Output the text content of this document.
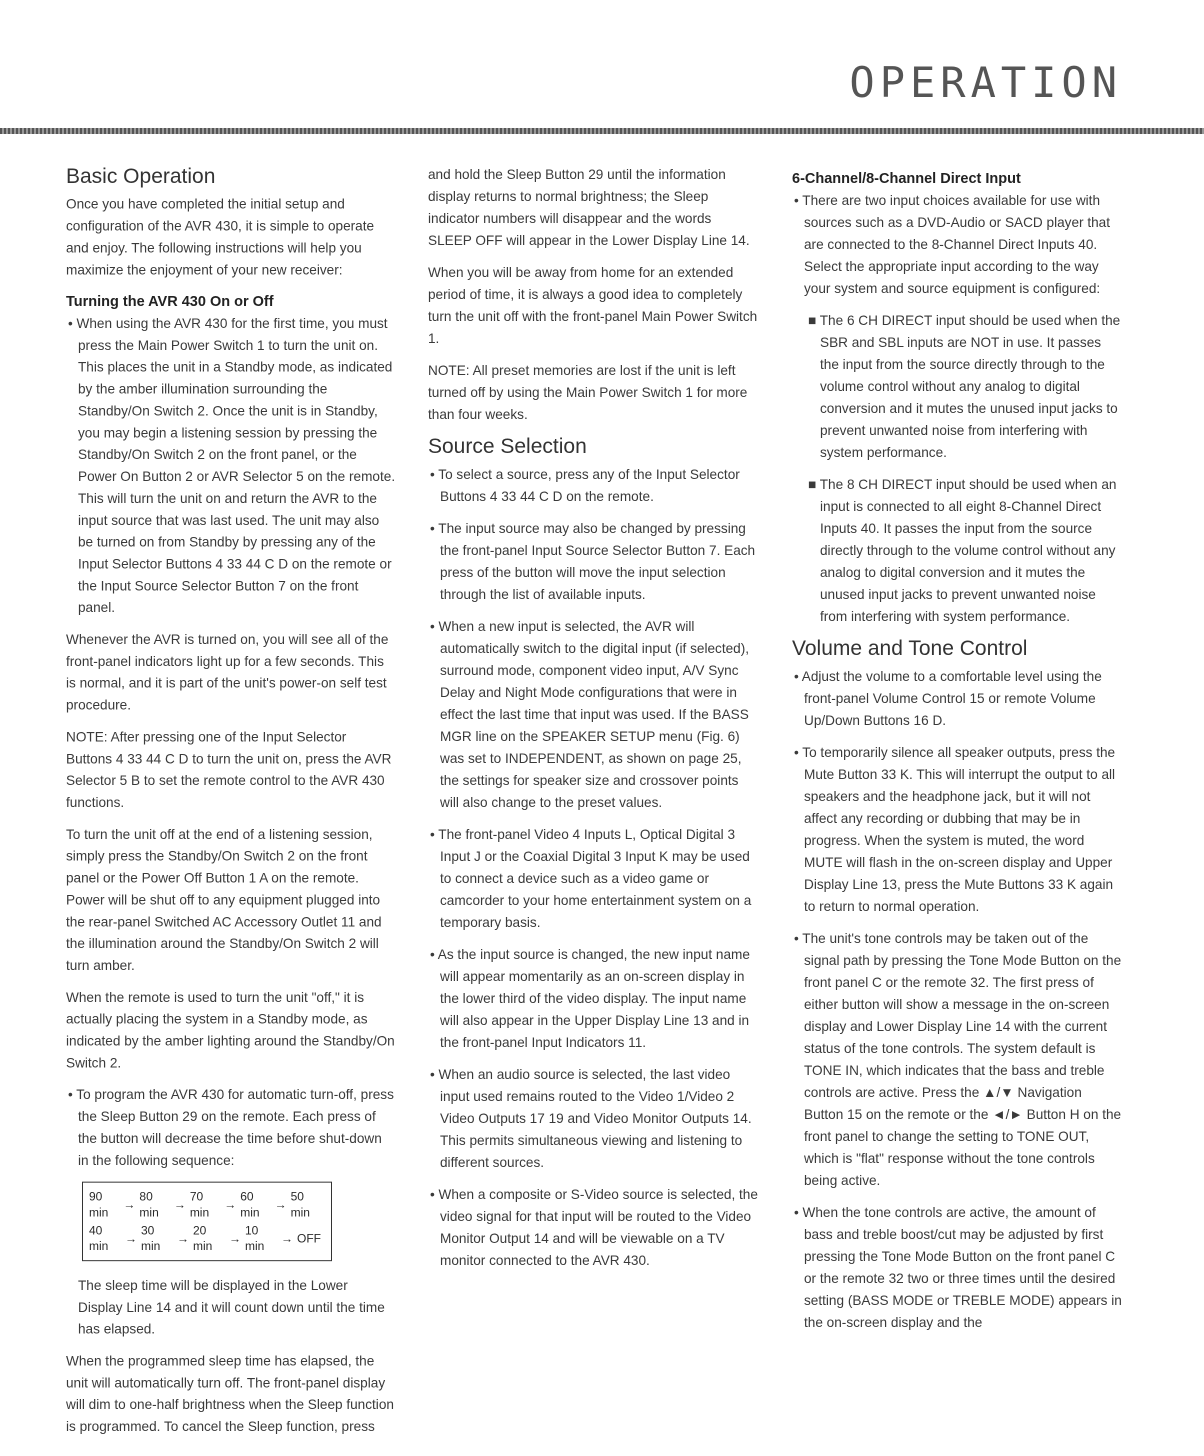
OPERATION
Basic Operation

Once you have completed the initial setup and configuration of the AVR 430, it is simple to operate and enjoy. The following instructions will help you maximize the enjoyment of your new receiver:

Turning the AVR 430 On or Off

• When using the AVR 430 for the first time, you must press the Main Power Switch 1 to turn the unit on. This places the unit in a Standby mode, as indicated by the amber illumination surrounding the Standby/On Switch 2. Once the unit is in Standby, you may begin a listening session by pressing the Standby/On Switch 2 on the front panel, or the Power On Button 2 or AVR Selector 5 on the remote. This will turn the unit on and return the AVR to the input source that was last used. The unit may also be turned on from Standby by pressing any of the Input Selector Buttons 4 33 44 C D on the remote or the Input Source Selector Button 7 on the front panel.

Whenever the AVR is turned on, you will see all of the front-panel indicators light up for a few seconds. This is normal, and it is part of the unit's power-on self test procedure.

NOTE: After pressing one of the Input Selector Buttons 4 33 44 C D to turn the unit on, press the AVR Selector 5 B to set the remote control to the AVR 430 functions.

To turn the unit off at the end of a listening session, simply press the Standby/On Switch 2 on the front panel or the Power Off Button 1 A on the remote. Power will be shut off to any equipment plugged into the rear-panel Switched AC Accessory Outlet 11 and the illumination around the Standby/On Switch 2 will turn amber.

When the remote is used to turn the unit "off," it is actually placing the system in a Standby mode, as indicated by the amber lighting around the Standby/On Switch 2.

• To program the AVR 430 for automatic turn-off, press the Sleep Button 29 on the remote. Each press of the button will decrease the time before shut-down in the following sequence:

90 min
→
80 min
→
70 min
→
60 min
→
50 min
40 min
→
30 min
→
20 min
→
10 min
→ OFF

The sleep time will be displayed in the Lower Display Line 14 and it will count down until the time has elapsed.

When the programmed sleep time has elapsed, the unit will automatically turn off. The front-panel display will dim to one-half brightness when the Sleep function is programmed. To cancel the Sleep function, press

and hold the Sleep Button 29 until the information display returns to normal brightness; the Sleep indicator numbers will disappear and the words SLEEP OFF will appear in the Lower Display Line 14.

When you will be away from home for an extended period of time, it is always a good idea to completely turn the unit off with the front-panel Main Power Switch 1.

NOTE: All preset memories are lost if the unit is left turned off by using the Main Power Switch 1 for more than four weeks.

Source Selection

• To select a source, press any of the Input Selector Buttons 4 33 44 C D on the remote.

• The input source may also be changed by pressing the front-panel Input Source Selector Button 7. Each press of the button will move the input selection through the list of available inputs.

• When a new input is selected, the AVR will automatically switch to the digital input (if selected), surround mode, component video input, A/V Sync Delay and Night Mode configurations that were in effect the last time that input was used. If the BASS MGR line on the SPEAKER SETUP menu (Fig. 6) was set to INDEPENDENT, as shown on page 25, the settings for speaker size and crossover points will also change to the preset values.

• The front-panel Video 4 Inputs L, Optical Digital 3 Input J or the Coaxial Digital 3 Input K may be used to connect a device such as a video game or camcorder to your home entertainment system on a temporary basis.

• As the input source is changed, the new input name will appear momentarily as an on-screen display in the lower third of the video display. The input name will also appear in the Upper Display Line 13 and in the front-panel Input Indicators 11.

• When an audio source is selected, the last video input used remains routed to the Video 1/Video 2 Video Outputs 17 19 and Video Monitor Outputs 14. This permits simultaneous viewing and listening to different sources.

• When a composite or S-Video source is selected, the video signal for that input will be routed to the Video Monitor Output 14 and will be viewable on a TV monitor connected to the AVR 430.

6-Channel/8-Channel Direct Input

• There are two input choices available for use with sources such as a DVD-Audio or SACD player that are connected to the 8-Channel Direct Inputs 40. Select the appropriate input according to the way your system and source equipment is configured:

■ The 6 CH DIRECT input should be used when the SBR and SBL inputs are NOT in use. It passes the input from the source directly through to the volume control without any analog to digital conversion and it mutes the unused input jacks to prevent unwanted noise from interfering with system performance.

■ The 8 CH DIRECT input should be used when an input is connected to all eight 8-Channel Direct Inputs 40. It passes the input from the source directly through to the volume control without any analog to digital conversion and it mutes the unused input jacks to prevent unwanted noise from interfering with system performance.

Volume and Tone Control

• Adjust the volume to a comfortable level using the front-panel Volume Control 15 or remote Volume Up/Down Buttons 16 D.

• To temporarily silence all speaker outputs, press the Mute Button 33 K. This will interrupt the output to all speakers and the headphone jack, but it will not affect any recording or dubbing that may be in progress. When the system is muted, the word MUTE will flash in the on-screen display and Upper Display Line 13, press the Mute Buttons 33 K again to return to normal operation.

• The unit's tone controls may be taken out of the signal path by pressing the Tone Mode Button on the front panel C or the remote 32. The first press of either button will show a message in the on-screen display and Lower Display Line 14 with the current status of the tone controls. The system default is TONE IN, which indicates that the bass and treble controls are active. Press the ▲/▼ Navigation Button 15 on the remote or the ◄/► Button H on the front panel to change the setting to TONE OUT, which is "flat" response without the tone controls being active.

• When the tone controls are active, the amount of bass and treble boost/cut may be adjusted by first pressing the Tone Mode Button on the front panel C or the remote 32 two or three times until the desired setting (BASS MODE or TREBLE MODE) appears in the on-screen display and the
